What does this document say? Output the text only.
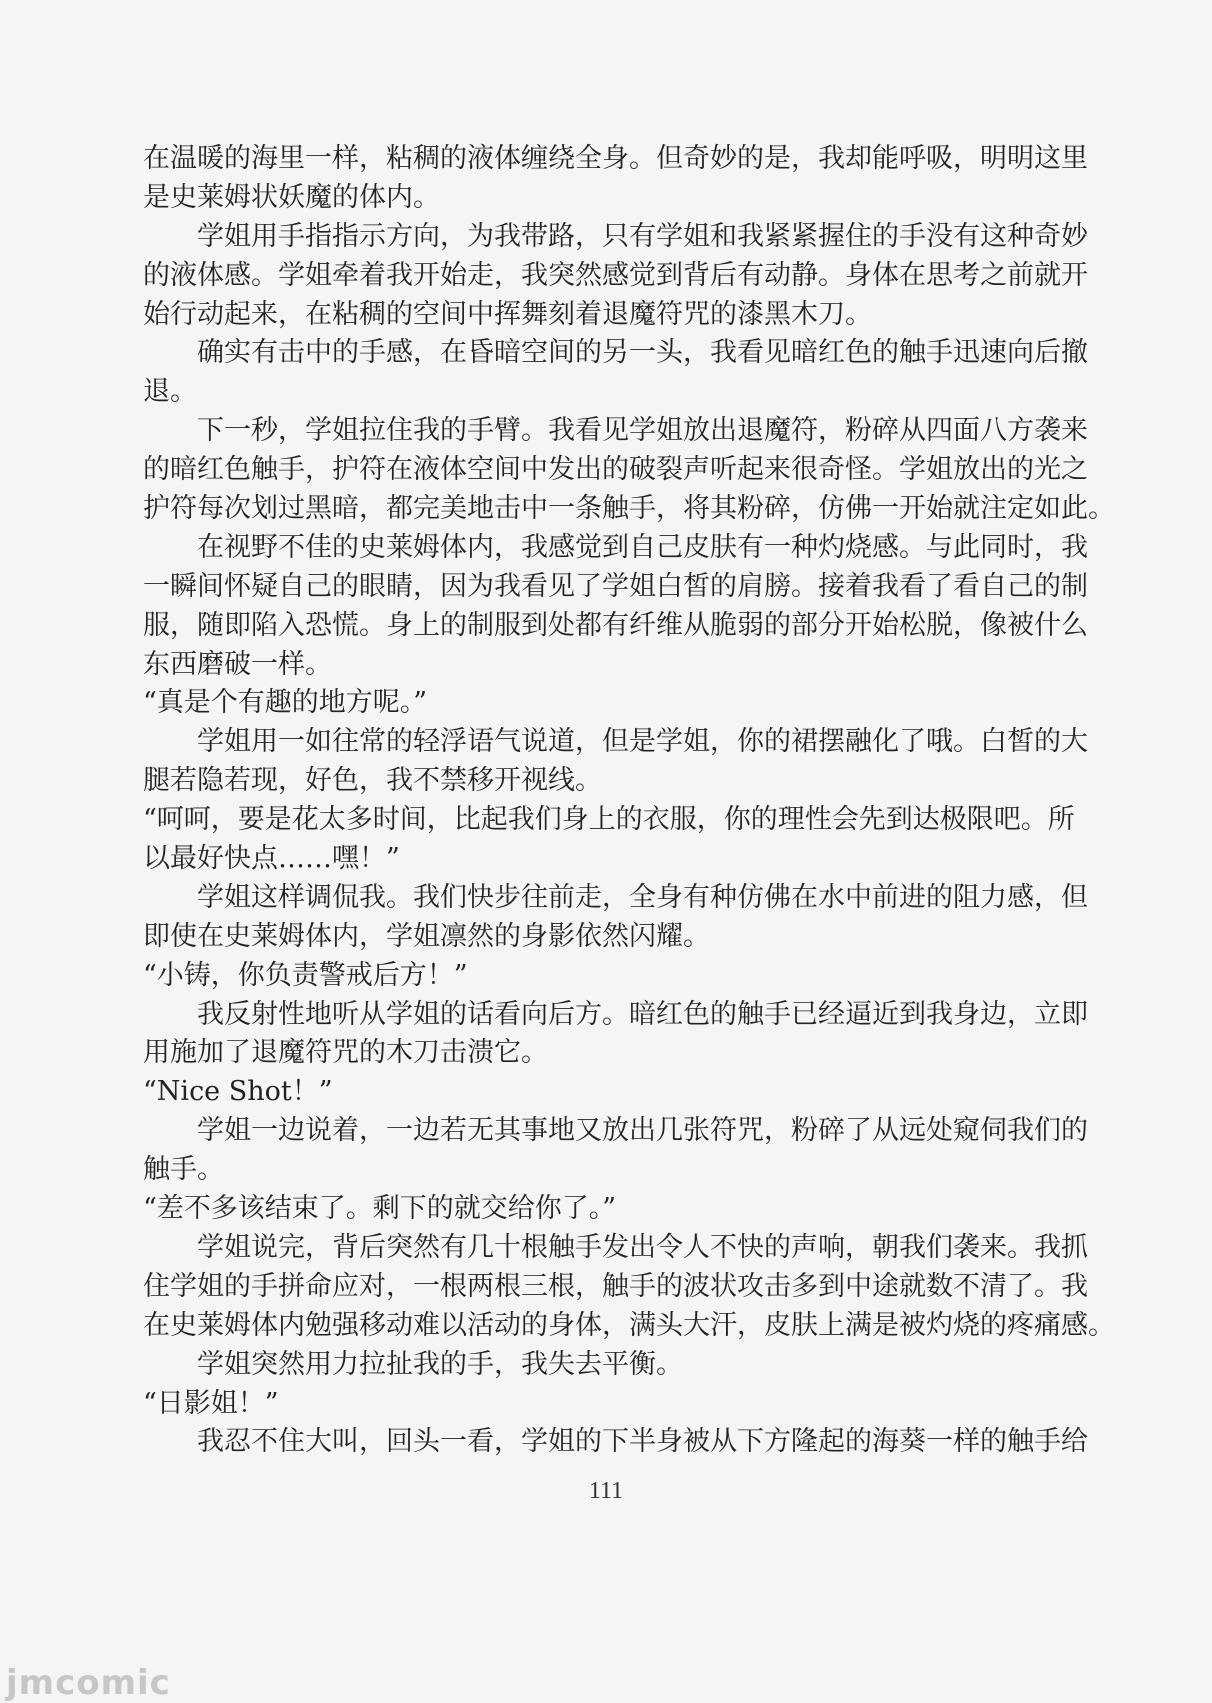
在温暖的海里一样，粘稠的液体缠绕全身。但奇妙的是，我却能呼吸，明明这里
是史莱姆状妖魔的体内。
学姐用手指指示方向，为我带路，只有学姐和我紧紧握住的手没有这种奇妙
的液体感。学姐牵着我开始走，我突然感觉到背后有动静。身体在思考之前就开
始行动起来，在粘稠的空间中挥舞刻着退魔符咒的漆黑木刀。
确实有击中的手感，在昏暗空间的另一头，我看见暗红色的触手迅速向后撤
退。
下一秒，学姐拉住我的手臂。我看见学姐放出退魔符，粉碎从四面八方袭来
的暗红色触手，护符在液体空间中发出的破裂声听起来很奇怪。学姐放出的光之
护符每次划过黑暗，都完美地击中一条触手，将其粉碎，仿佛一开始就注定如此。
在视野不佳的史莱姆体内，我感觉到自己皮肤有一种灼烧感。与此同时，我
一瞬间怀疑自己的眼睛，因为我看见了学姐白皙的肩膀。接着我看了看自己的制
服，随即陷入恐慌。身上的制服到处都有纤维从脆弱的部分开始松脱，像被什么
东西磨破一样。
“真是个有趣的地方呢。”
学姐用一如往常的轻浮语气说道，但是学姐，你的裙摆融化了哦。白皙的大
腿若隐若现，好色，我不禁移开视线。
“呵呵，要是花太多时间，比起我们身上的衣服，你的理性会先到达极限吧。所
以最好快点……嘿！”
学姐这样调侃我。我们快步往前走，全身有种仿佛在水中前进的阻力感，但
即使在史莱姆体内，学姐凛然的身影依然闪耀。
“小铸，你负责警戒后方！”
我反射性地听从学姐的话看向后方。暗红色的触手已经逼近到我身边，立即
用施加了退魔符咒的木刀击溃它。
“Nice Shot！”
学姐一边说着，一边若无其事地又放出几张符咒，粉碎了从远处窥伺我们的
触手。
“差不多该结束了。剩下的就交给你了。”
学姐说完，背后突然有几十根触手发出令人不快的声响，朝我们袭来。我抓
住学姐的手拼命应对，一根两根三根，触手的波状攻击多到中途就数不清了。我
在史莱姆体内勉强移动难以活动的身体，满头大汗，皮肤上满是被灼烧的疼痛感。
学姐突然用力拉扯我的手，我失去平衡。
“日影姐！”
我忍不住大叫，回头一看，学姐的下半身被从下方隆起的海葵一样的触手给
111
jmcomic
